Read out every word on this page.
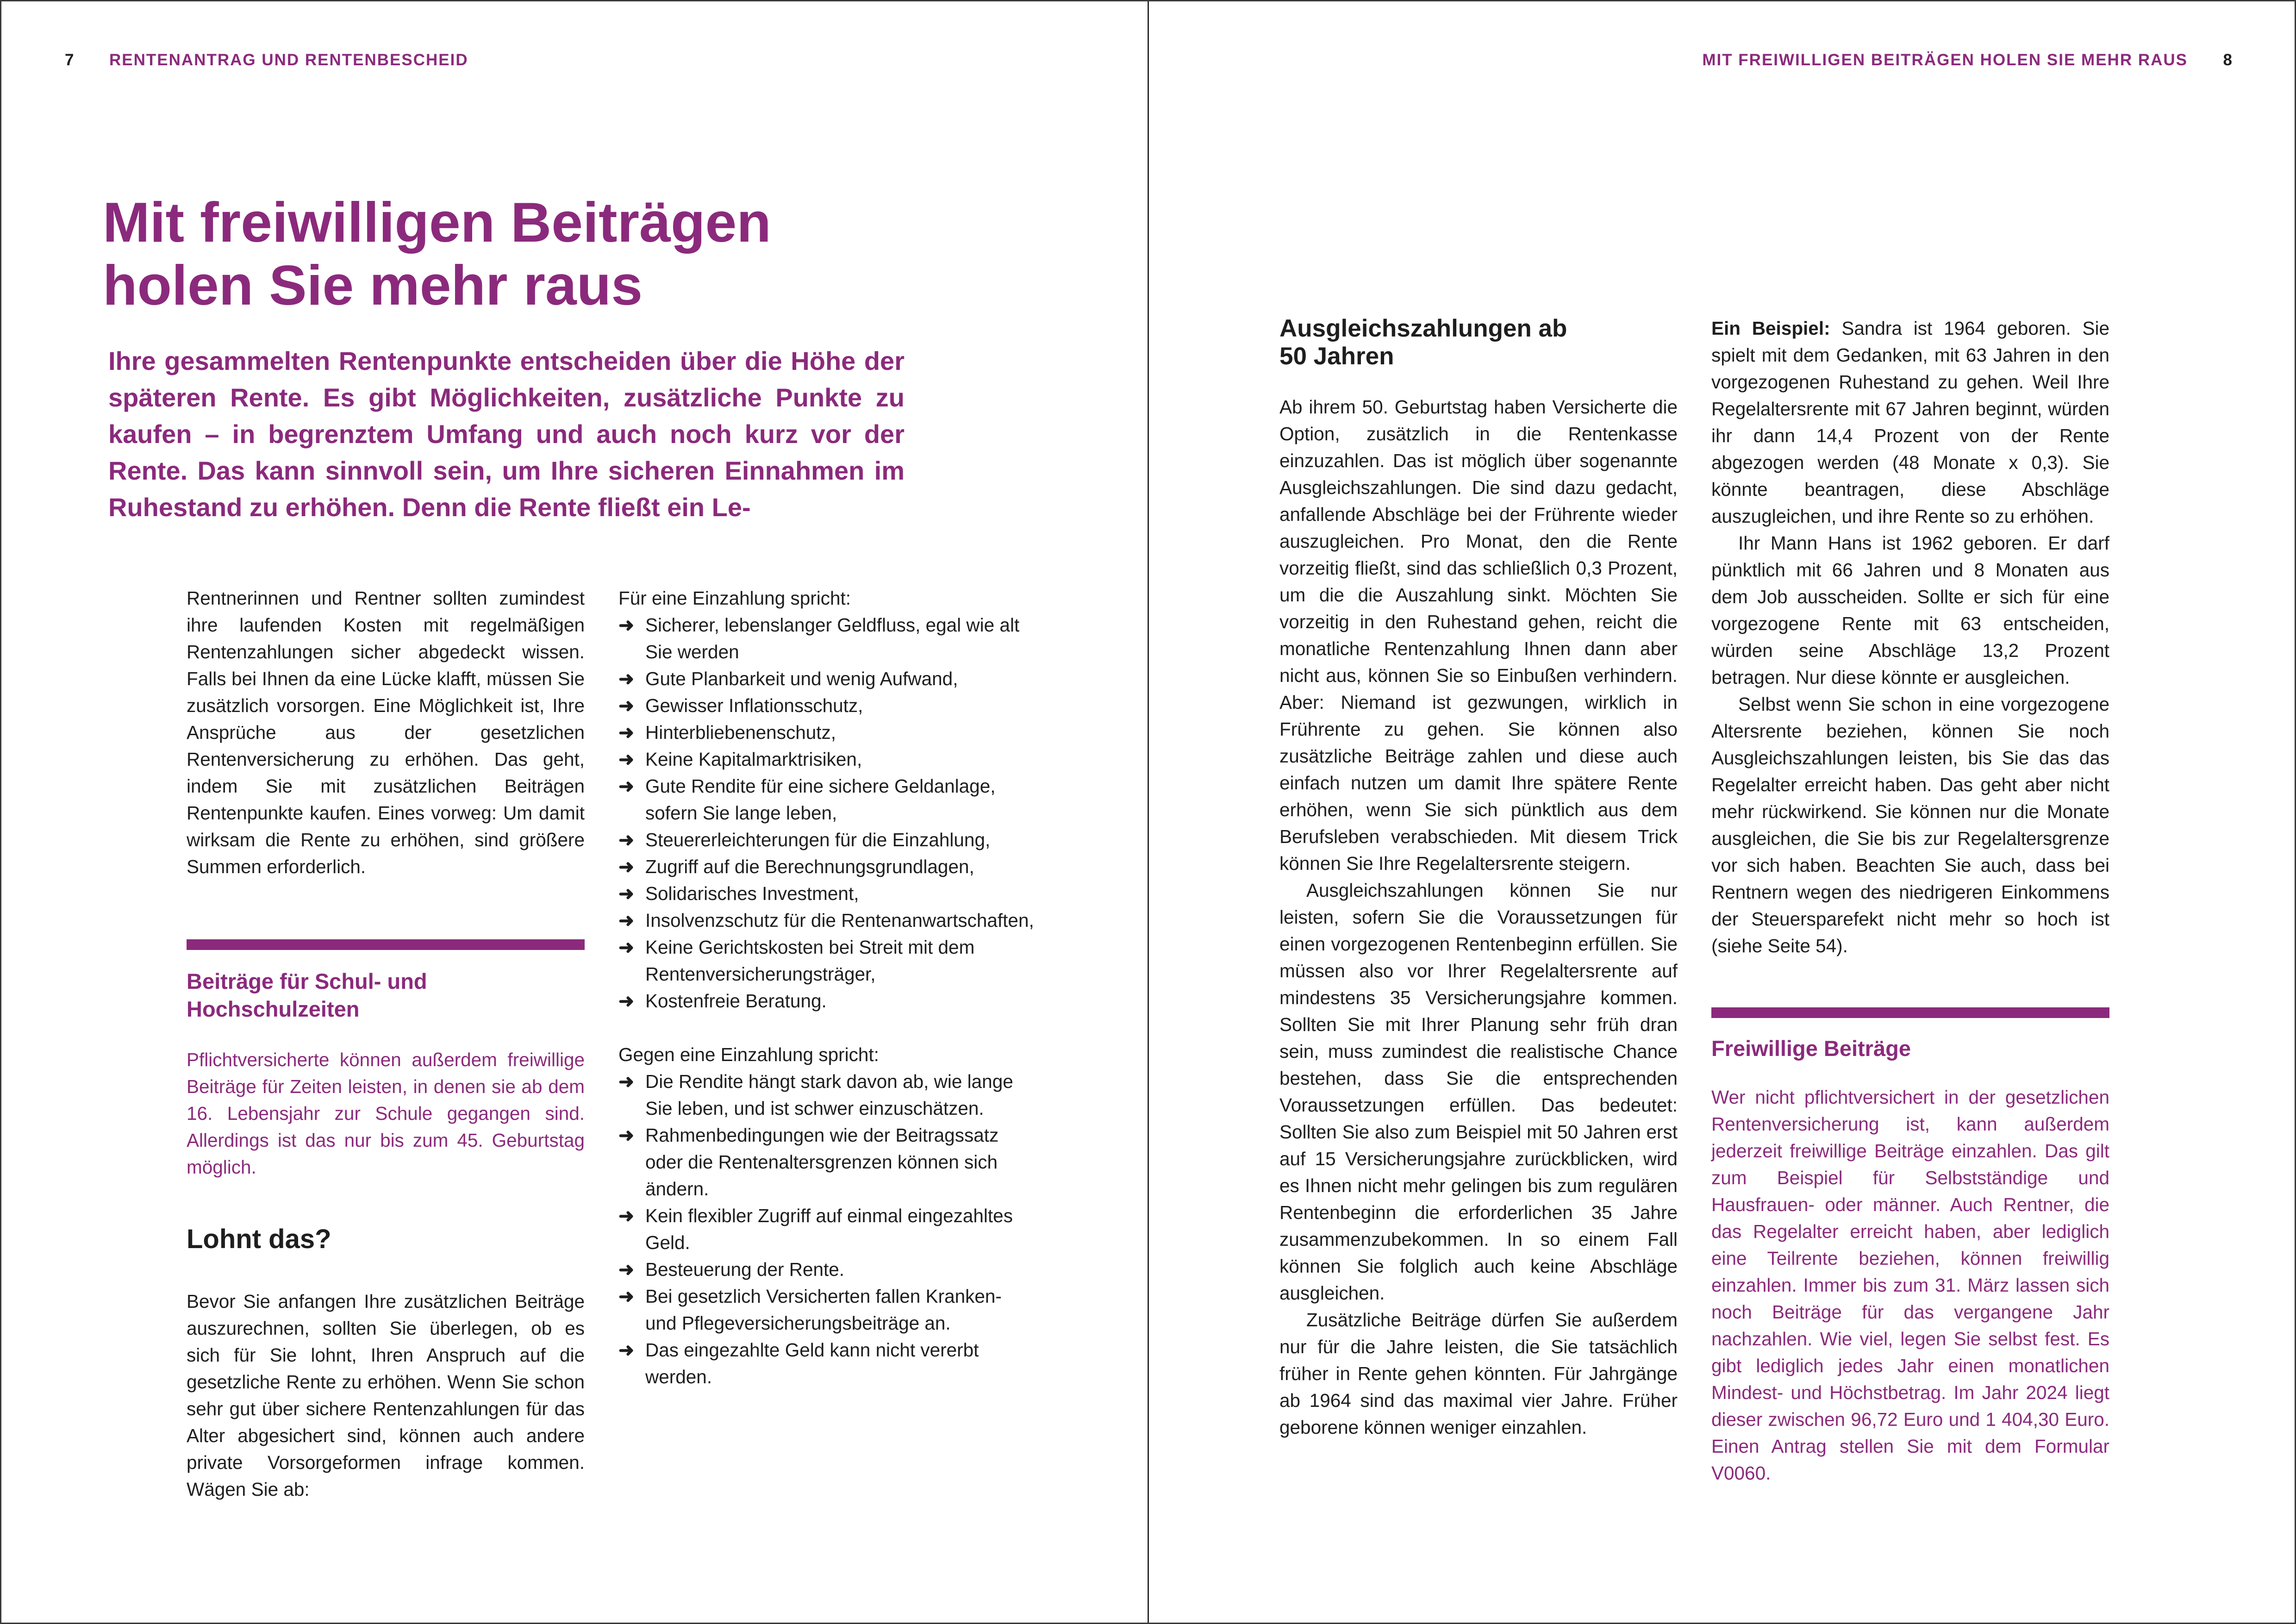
7 RENTENANTRAG UND RENTENBESCHEID
Mit freiwilligen Beiträgen
holen Sie mehr raus

Ihre gesammelten Rentenpunkte entscheiden über die Höhe der späteren Rente. Es gibt Möglichkeiten, zusätzliche Punkte zu kaufen – in begrenztem Umfang und auch noch kurz vor der Rente. Das kann sinnvoll sein, um Ihre sicheren Einnahmen im Ruhestand zu erhöhen. Denn die Rente fließt ein Le-

Rentnerinnen und Rentner sollten zumindest ihre laufenden Kosten mit regelmäßigen Rentenzahlungen sicher abgedeckt wissen. Falls bei Ihnen da eine Lücke klafft, müssen Sie zusätzlich vorsorgen. Eine Möglichkeit ist, Ihre Ansprüche aus der gesetzlichen Rentenversicherung zu erhöhen. Das geht, indem Sie mit zusätzlichen Beiträgen Rentenpunkte kaufen. Eines vorweg: Um damit wirksam die Rente zu erhöhen, sind größere Summen erforderlich.

Beiträge für Schul- und Hochschulzeiten

Pflichtversicherte können außerdem freiwillige Beiträge für Zeiten leisten, in denen sie ab dem 16. Lebensjahr zur Schule gegangen sind. Allerdings ist das nur bis zum 45. Geburtstag möglich.

Lohnt das?

Bevor Sie anfangen Ihre zusätzlichen Beiträge auszurechnen, sollten Sie überlegen, ob es sich für Sie lohnt, Ihren Anspruch auf die gesetzliche Rente zu erhöhen. Wenn Sie schon sehr gut über sichere Rentenzahlungen für das Alter abgesichert sind, können auch andere private Vorsorgeformen infrage kommen. Wägen Sie ab:

Für eine Einzahlung spricht:

➜ Sicherer, lebenslanger Geldfluss, egal wie alt Sie werden
➜ Gute Planbarkeit und wenig Aufwand,
➜ Gewisser Inflationsschutz,
➜ Hinterbliebenenschutz,
➜ Keine Kapitalmarktrisiken,
➜ Gute Rendite für eine sichere Geldanlage, sofern Sie lange leben,
➜ Steuererleichterungen für die Einzahlung,
➜ Zugriff auf die Berechnungsgrundlagen,
➜ Solidarisches Investment,
➜ Insolvenzschutz für die Rentenanwartschaften,
➜ Keine Gerichtskosten bei Streit mit dem Rentenversicherungsträger,
➜ Kostenfreie Beratung.

Gegen eine Einzahlung spricht:

➜ Die Rendite hängt stark davon ab, wie lange Sie leben, und ist schwer einzuschätzen.
➜ Rahmenbedingungen wie der Beitragssatz oder die Rentenaltersgrenzen können sich ändern.
➜ Kein flexibler Zugriff auf einmal eingezahltes Geld.
➜ Besteuerung der Rente.
➜ Bei gesetzlich Versicherten fallen Kranken- und Pflegeversicherungsbeiträge an.
➜ Das eingezahlte Geld kann nicht vererbt werden.
MIT FREIWILLIGEN BEITRÄGEN HOLEN SIE MEHR RAUS 8
Ausgleichszahlungen ab 50 Jahren

Ab ihrem 50. Geburtstag haben Versicherte die Option, zusätzlich in die Rentenkasse einzuzahlen. Das ist möglich über sogenannte Ausgleichszahlungen. Die sind dazu gedacht, anfallende Abschläge bei der Frührente wieder auszugleichen. Pro Monat, den die Rente vorzeitig fließt, sind das schließlich 0,3 Prozent, um die die Auszahlung sinkt. Möchten Sie vorzeitig in den Ruhestand gehen, reicht die monatliche Rentenzahlung Ihnen dann aber nicht aus, können Sie so Einbußen verhindern. Aber: Niemand ist gezwungen, wirklich in Frührente zu gehen. Sie können also zusätzliche Beiträge zahlen und diese auch einfach nutzen um damit Ihre spätere Rente erhöhen, wenn Sie sich pünktlich aus dem Berufsleben verabschieden. Mit diesem Trick können Sie Ihre Regelaltersrente steigern.

Ausgleichszahlungen können Sie nur leisten, sofern Sie die Voraussetzungen für einen vorgezogenen Rentenbeginn erfüllen. Sie müssen also vor Ihrer Regelaltersrente auf mindestens 35 Versicherungsjahre kommen. Sollten Sie mit Ihrer Planung sehr früh dran sein, muss zumindest die realistische Chance bestehen, dass Sie die entsprechenden Voraussetzungen erfüllen. Das bedeutet: Sollten Sie also zum Beispiel mit 50 Jahren erst auf 15 Versicherungsjahre zurückblicken, wird es Ihnen nicht mehr gelingen bis zum regulären Rentenbeginn die erforderlichen 35 Jahre zusammenzubekommen. In so einem Fall können Sie folglich auch keine Abschläge ausgleichen.

Zusätzliche Beiträge dürfen Sie außerdem nur für die Jahre leisten, die Sie tatsächlich früher in Rente gehen könnten. Für Jahrgänge ab 1964 sind das maximal vier Jahre. Früher geborene können weniger einzahlen.

Ein Beispiel: Sandra ist 1964 geboren. Sie spielt mit dem Gedanken, mit 63 Jahren in den vorgezogenen Ruhestand zu gehen. Weil Ihre Regelaltersrente mit 67 Jahren beginnt, würden ihr dann 14,4 Prozent von der Rente abgezogen werden (48 Monate x 0,3). Sie könnte beantragen, diese Abschläge auszugleichen, und ihre Rente so zu erhöhen.

Ihr Mann Hans ist 1962 geboren. Er darf pünktlich mit 66 Jahren und 8 Monaten aus dem Job ausscheiden. Sollte er sich für eine vorgezogene Rente mit 63 entscheiden, würden seine Abschläge 13,2 Prozent betragen. Nur diese könnte er ausgleichen.

Selbst wenn Sie schon in eine vorgezogene Altersrente beziehen, können Sie noch Ausgleichszahlungen leisten, bis Sie das das Regelalter erreicht haben. Das geht aber nicht mehr rückwirkend. Sie können nur die Monate ausgleichen, die Sie bis zur Regelaltersgrenze vor sich haben. Beachten Sie auch, dass bei Rentnern wegen des niedrigeren Einkommens der Steuersparefekt nicht mehr so hoch ist (siehe Seite 54).

Freiwillige Beiträge

Wer nicht pflichtversichert in der gesetzlichen Rentenversicherung ist, kann außerdem jederzeit freiwillige Beiträge einzahlen. Das gilt zum Beispiel für Selbstständige und Hausfrauen- oder männer. Auch Rentner, die das Regelalter erreicht haben, aber lediglich eine Teilrente beziehen, können freiwillig einzahlen. Immer bis zum 31. März lassen sich noch Beiträge für das vergangene Jahr nachzahlen. Wie viel, legen Sie selbst fest. Es gibt lediglich jedes Jahr einen monatlichen Mindest- und Höchstbetrag. Im Jahr 2024 liegt dieser zwischen 96,72 Euro und 1 404,30 Euro. Einen Antrag stellen Sie mit dem Formular V0060.
